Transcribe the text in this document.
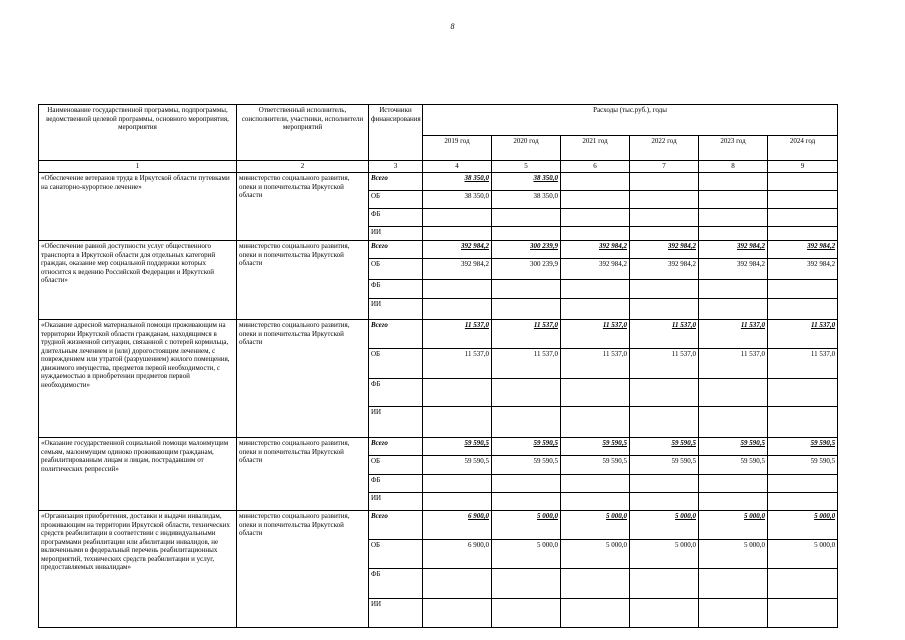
8
Наименование государственной программы, подпрограммы, ведомственной целевой программы, основного мероприятия, мероприятия	Ответственный исполнитель, соисполнители, участники, исполнители мероприятий	Источники финансирования	Расходы (тыс.руб.), годы					
			2019 год	2020 год	2021 год	2022 год	2023 год	2024 год
1	2	3	4	5	6	7	8	9
«Обеспечение ветеранов труда в Иркутской области путевками на санаторно-курортное лечение»	министерство социального развития, опеки и попечительства Иркутской области	Всего	38 350,0	38 350,0				
		ОБ	38 350,0	38 350,0				
		ФБ						
		ИИ						
«Обеспечение равной доступности услуг общественного транспорта в Иркутской области для отдельных категорий граждан, оказание мер социальной поддержки которых относится к ведению Российской Федерации и Иркутской области»	министерство социального развития, опеки и попечительства Иркутской области	Всего	392 984,2	300 239,9	392 984,2	392 984,2	392 984,2	392 984,2
		ОБ	392 984,2	300 239,9	392 984,2	392 984,2	392 984,2	392 984,2
		ФБ						
		ИИ						
«Оказание адресной материальной помощи проживающим на территории Иркутской области гражданам, находящимся в трудной жизненной ситуации, связанной с потерей кормильца, длительным лечением и (или) дорогостоящим лечением, с повреждением или утратой (разрушением) жилого помещения, движимого имущества, предметов первой необходимости, с нуждаемостью в приобретении предметов первой необходимости»	министерство социального развития, опеки и попечительства Иркутской области	Всего	11 537,0	11 537,0	11 537,0	11 537,0	11 537,0	11 537,0
		ОБ	11 537,0	11 537,0	11 537,0	11 537,0	11 537,0	11 537,0
		ФБ						
		ИИ						
«Оказание государственной социальной помощи малоимущим семьям, малоимущим одиноко проживающим гражданам, реабилитированным лицам и лицам, пострадавшим от политических репрессий»	министерство социального развития, опеки и попечительства Иркутской области	Всего	59 590,5	59 590,5	59 590,5	59 590,5	59 590,5	59 590,5
		ОБ	59 590,5	59 590,5	59 590,5	59 590,5	59 590,5	59 590,5
		ФБ						
		ИИ						
«Организация приобретения, доставки и выдачи инвалидам, проживающим на территории Иркутской области, технических средств реабилитации в соответствии с индивидуальными программами реабилитации или абилитации инвалидов, не включенными в федеральный перечень реабилитационных мероприятий, технических средств реабилитации и услуг, предоставляемых инвалидам»	министерство социального развития, опеки и попечительства Иркутской области	Всего	6 900,0	5 000,0	5 000,0	5 000,0	5 000,0	5 000,0
		ОБ	6 900,0	5 000,0	5 000,0	5 000,0	5 000,0	5 000,0
		ФБ						
		ИИ						
